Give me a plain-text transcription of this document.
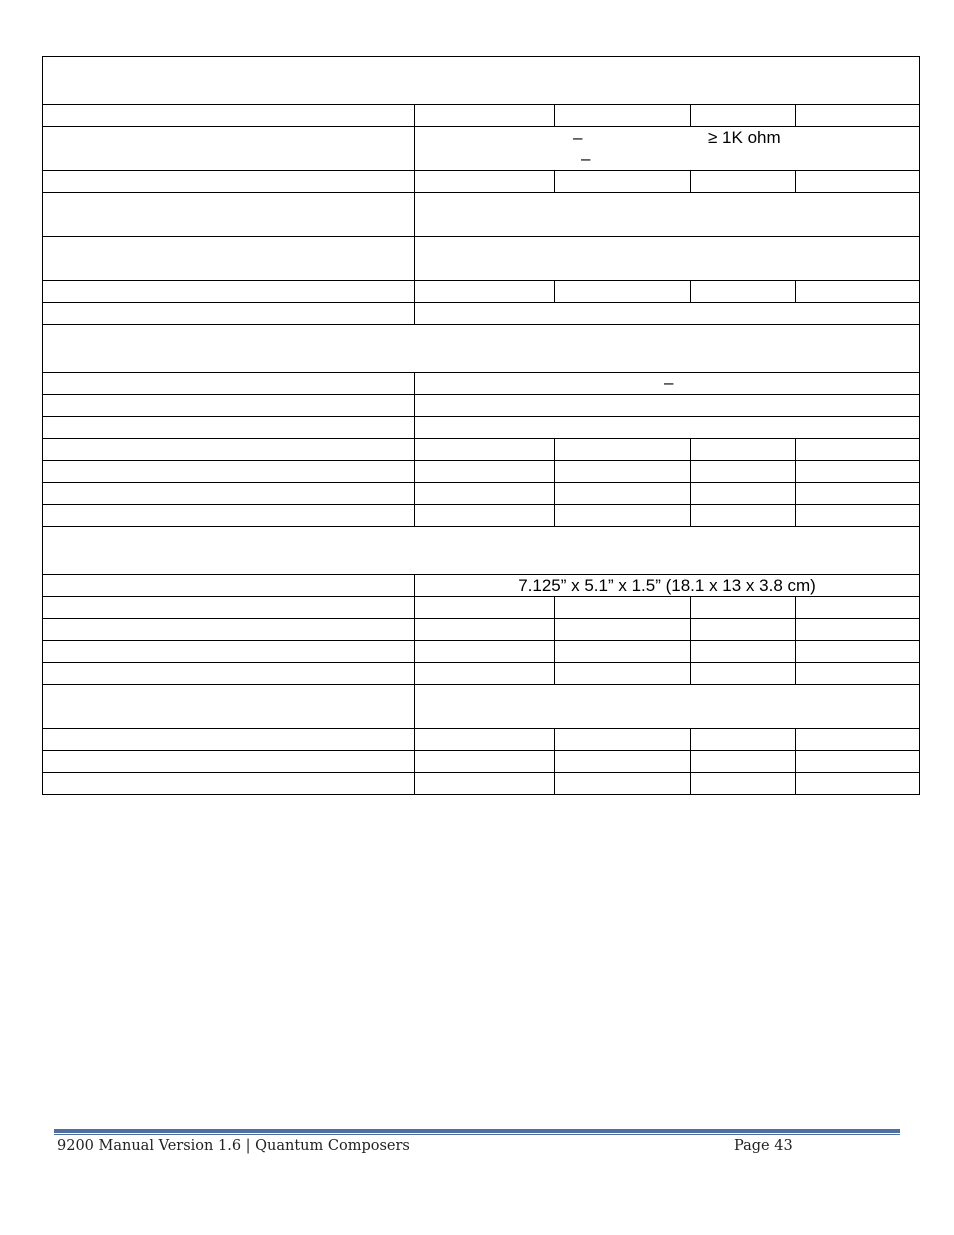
	– ≥ 1K ohm
–			

	–			

	7.125” x 5.1” x 1.5” (18.1 x 13 x 3.8 cm)			

9200 Manual Version 1.6 | Quantum Composers	Page 43
